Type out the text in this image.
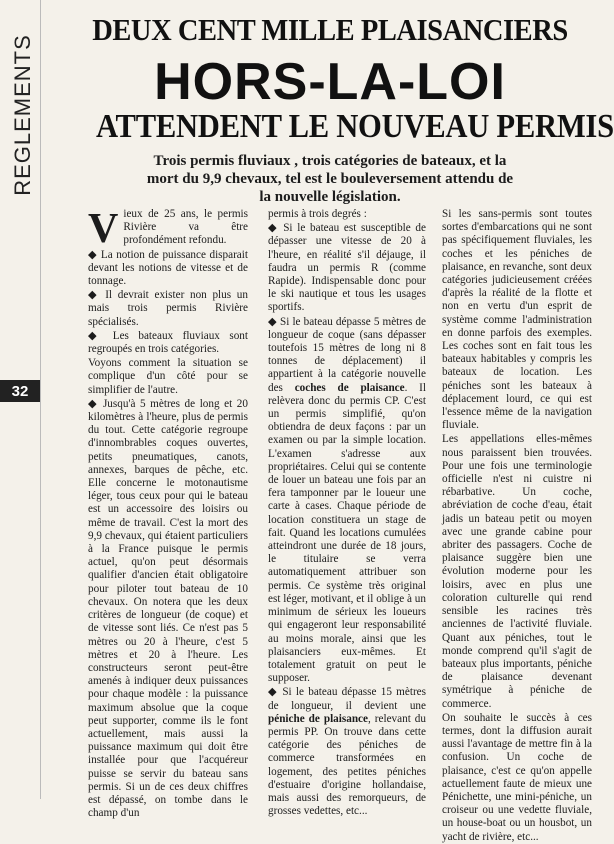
REGLEMENTS
32
DEUX CENT MILLE PLAISANCIERS
HORS-LA-LOI
ATTENDENT LE NOUVEAU PERMIS
Trois permis fluviaux , trois catégories de bateaux, et la mort du 9,9 chevaux, tel est le bouleversement attendu de la nouvelle législation.

Vieux de 25 ans, le permis Rivière va être profondément refondu.

◆ La notion de puissance disparait devant les notions de vitesse et de tonnage.

◆ Il devrait exister non plus un mais trois permis Rivière spécialisés.

◆ Les bateaux fluviaux sont regroupés en trois catégories.

Voyons comment la situation se complique d'un côté pour se simplifier de l'autre.

◆ Jusqu'à 5 mètres de long et 20 kilomètres à l'heure, plus de permis du tout. Cette catégorie regroupe d'innombrables coques ouvertes, petits pneumatiques, canots, annexes, barques de pêche, etc. Elle concerne le motonautisme léger, tous ceux pour qui le bateau est un accessoire des loisirs ou même de travail. C'est la mort des 9,9 chevaux, qui étaient particuliers à la France puisque le permis actuel, qu'on peut désormais qualifier d'ancien était obligatoire pour piloter tout bateau de 10 chevaux. On notera que les deux critères de longueur (de coque) et de vitesse sont liés. Ce n'est pas 5 mètres ou 20 à l'heure, c'est 5 mètres et 20 à l'heure. Les constructeurs seront peut-être amenés à indiquer deux puissances pour chaque modèle : la puissance maximum absolue que la coque peut supporter, comme ils le font actuellement, mais aussi la puissance maximum qui doit être installée pour que l'acquéreur puisse se servir du bateau sans permis. Si un de ces deux chiffres est dépassé, on tombe dans le champ d'un

permis à trois degrés :

◆ Si le bateau est susceptible de dépasser une vitesse de 20 à l'heure, en réalité s'il déjauge, il faudra un permis R (comme Rapide). Indispensable donc pour le ski nautique et tous les usages sportifs.

◆ Si le bateau dépasse 5 mètres de longueur de coque (sans dépasser toutefois 15 mètres de long ni 8 tonnes de déplacement) il appartient à la catégorie nouvelle des coches de plaisance. Il relèvera donc du permis CP. C'est un permis simplifié, qu'on obtiendra de deux façons : par un examen ou par la simple location. L'examen s'adresse aux propriétaires. Celui qui se contente de louer un bateau une fois par an fera tamponner par le loueur une carte à cases. Chaque période de location constituera un stage de fait. Quand les locations cumulées atteindront une durée de 18 jours, le titulaire se verra automatiquement attribuer son permis. Ce système très original est léger, motivant, et il oblige à un minimum de sérieux les loueurs qui engageront leur responsabilité au moins morale, ainsi que les plaisanciers eux-mêmes. Et totalement gratuit on peut le supposer.

◆ Si le bateau dépasse 15 mètres de longueur, il devient une péniche de plaisance, relevant du permis PP. On trouve dans cette catégorie des péniches de commerce transformées en logement, des petites péniches d'estuaire d'origine hollandaise, mais aussi des remorqueurs, de grosses vedettes, etc...

Si les sans-permis sont toutes sortes d'embarcations qui ne sont pas spécifiquement fluviales, les coches et les péniches de plaisance, en revanche, sont deux catégories judicieusement créées d'après la réalité de la flotte et non en vertu d'un esprit de système comme l'administration en donne parfois des exemples. Les coches sont en fait tous les bateaux habitables y compris les bateaux de location. Les péniches sont les bateaux à déplacement lourd, ce qui est l'essence même de la navigation fluviale.

Les appellations elles-mêmes nous paraissent bien trouvées. Pour une fois une terminologie officielle n'est ni cuistre ni rébarbative. Un coche, abréviation de coche d'eau, était jadis un bateau petit ou moyen avec une grande cabine pour abriter des passagers. Coche de plaisance suggère bien une évolution moderne pour les loisirs, avec en plus une coloration culturelle qui rend sensible les racines très anciennes de l'activité fluviale. Quant aux péniches, tout le monde comprend qu'il s'agit de bateaux plus importants, péniche de plaisance devenant symétrique à péniche de commerce.

On souhaite le succès à ces termes, dont la diffusion aurait aussi l'avantage de mettre fin à la confusion. Un coche de plaisance, c'est ce qu'on appelle actuellement faute de mieux une Pénichette, une mini-péniche, un croiseur ou une vedette fluviale, un house-boat ou un housbot, un yacht de rivière, etc...
